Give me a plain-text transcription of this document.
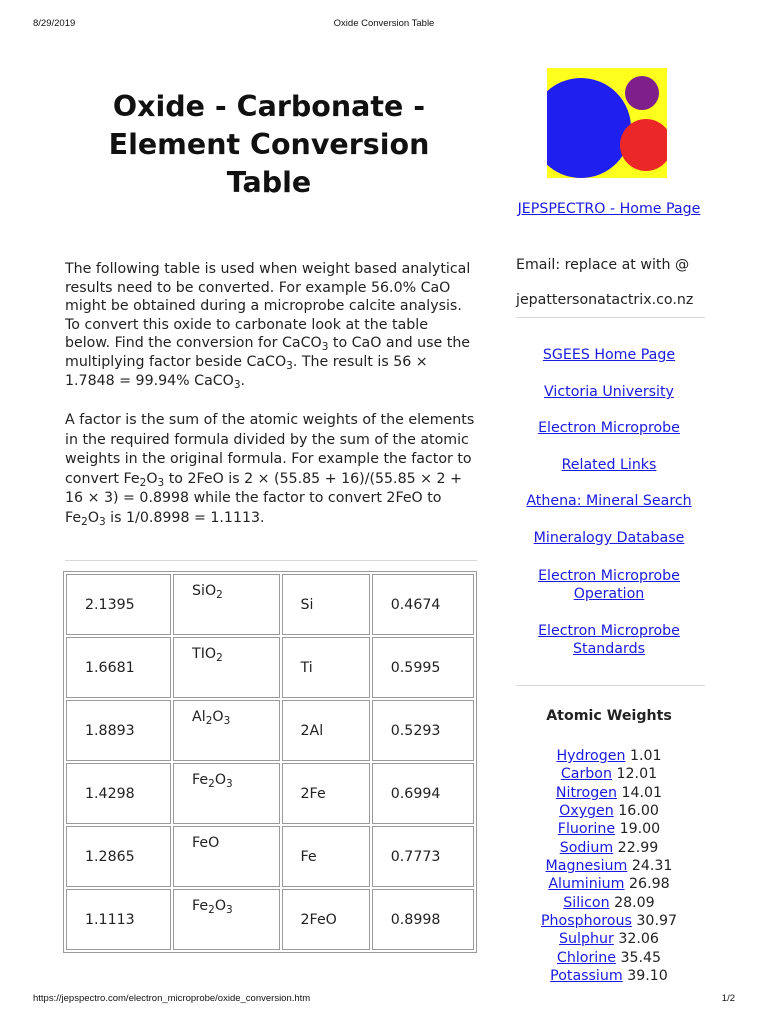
8/29/2019	Oxide Conversion Table
Oxide - Carbonate - Element Conversion Table

The following table is used when weight based analytical results need to be converted. For example 56.0% CaO might be obtained during a microprobe calcite analysis. To convert this oxide to carbonate look at the table below. Find the conversion for CaCO$_3$ to CaO and use the multiplying factor beside CaCO$_3$. The result is 56 × 1.7848 = 99.94% CaCO$_3$.

A factor is the sum of the atomic weights of the elements in the required formula divided by the sum of the atomic weights in the original formula. For example the factor to convert $Fe_2O_3$ to 2FeO is 2 × (55.85 + 16)/(55.85 × 2 + 16 × 3) = 0.8998 while the factor to convert 2FeO to $Fe_2O_3$ is 1/0.8998 = 1.1113.

2.1395	SiO$_2$	Si	0.4674
1.6681	$TIO_2$	Ti	0.5995
1.8893	$Al_2O_3$	2Al	0.5293
1.4298	$Fe_2O_3$	2Fe	0.6994
1.2865	FeO	Fe	0.7773
1.1113	$Fe_2O_3$	2FeO	0.8998
JEPSPECTRO - Home Page
Email: replace at with @
jepattersonatactrix.co.nz
SGEES Home Page
Victoria University
Electron Microprobe
Related Links
Athena: Mineral Search
Mineralogy Database
Electron Microprobe Operation
Electron Microprobe Standards
Atomic Weights
Hydrogen 1.01
Carbon 12.01
Nitrogen 14.01
Oxygen 16.00
Fluorine 19.00
Sodium 22.99
Magnesium 24.31
Aluminium 26.98
Silicon 28.09
Phosphorous 30.97
Sulphur 32.06
Chlorine 35.45
Potassium 39.10
https://jepspectro.com/electron_microprobe/oxide_conversion.htm	1/2
